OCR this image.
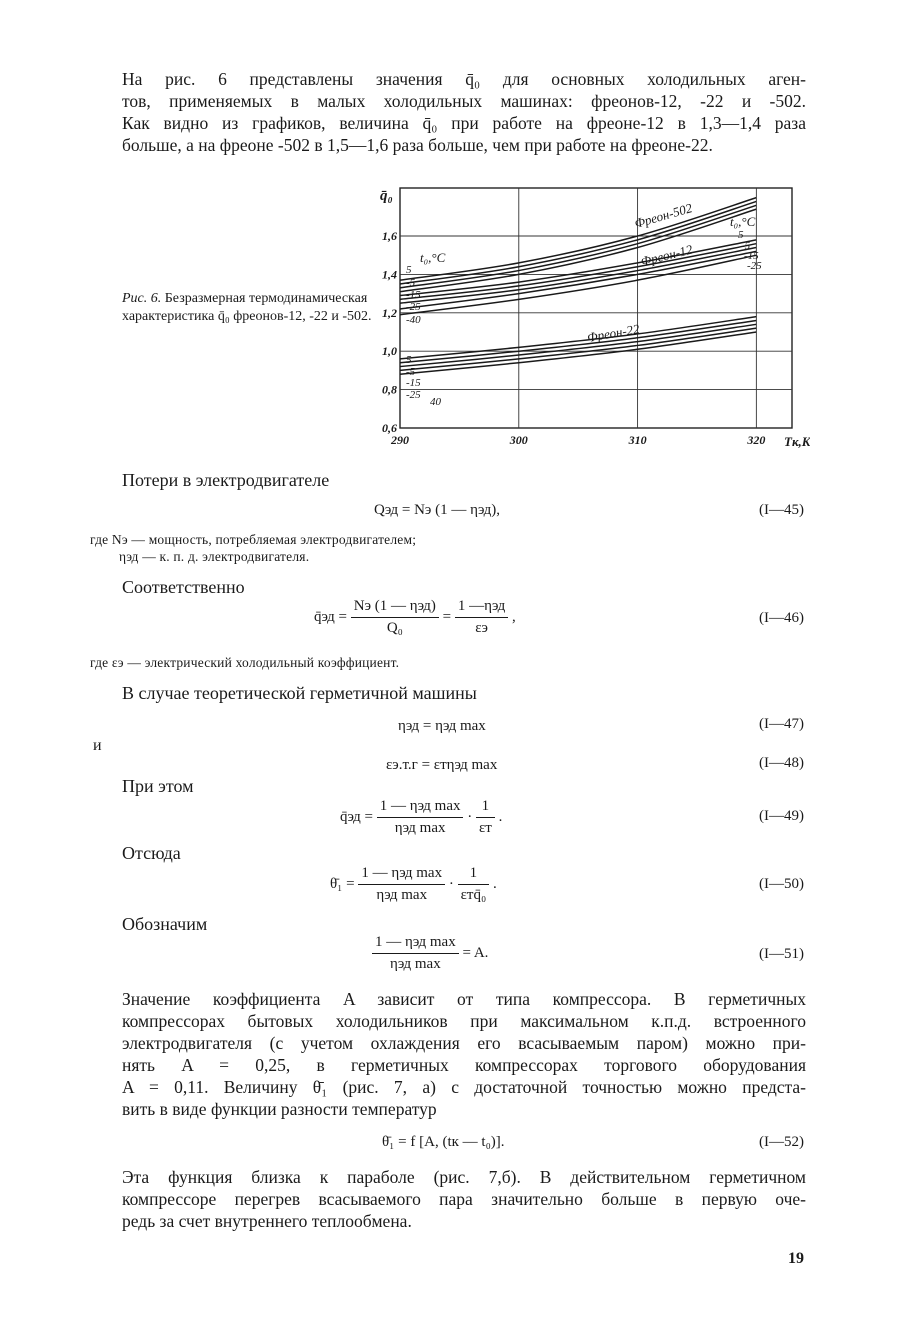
На рис. 6 представлены значения q̄₀ для основных холодильных аген-
тов, применяемых в малых холодильных машинах: фреонов-12, -22 и -502.
Как видно из графиков, величина q̄₀ при работе на фреоне-12 в 1,3—1,4 раза
больше, а на фреоне -502 в 1,5—1,6 раза больше, чем при работе на фреоне-22.
Рис. 6. Безразмерная термодинамическая характеристика q̄₀ фреонов-12, -22 и -502.
0,6
0,8
1,0
1,2
1,4
1,6
290	300	310	320
q̄₀
Tк,K
t₀,°C
t₀,°C
5
-5
-15
-25
-40
5
-5
-15
-25
40
5
-5
-15
-25
Фреон-502
Фреон-12
Фреон-22
Потери в электродвигателе
Qэд = Nэ (1 — ηэд),	(I—45)
где Nэ — мощность, потребляемая электродвигателем;
ηэд — к. п. д. электродвигателя.
Соответственно
q̄эд = $\frac{\text{Nэ (1 — ηэд)}}{\text{Q₀}} = \frac{\text{1 —ηэд}}{\varepsilon э}$ ,	(I—46)
где εэ — электрический холодильный коэффициент.
В случае теоретической герметичной машины
ηэд = ηэд max	(I—47)
и
εэ.т.г = εтηэд max	(I—48)
При этом
q̄эд = $\frac{\text{1 — ηэд max}}{\text{ηэд max}} \cdot \frac{1}{\varepsilon т}$ .	(I—49)
Отсюда
θ̄₁ = $\frac{\text{1 — ηэд max}}{\text{ηэд max}} \cdot \frac{1}{\text{εтq̄₀}}$ .	(I—50)
Обозначим
$\frac{\text{1 — ηэд max}}{\text{ηэд max}} = A$.	(I—51)
Значение коэффициента A зависит от типа компрессора. В герметичных
компрессорах бытовых холодильников при максимальном к.п.д. встроенного
электродвигателя (с учетом охлаждения его всасываемым паром) можно при-
нять A = 0,25, в герметичных компрессорах торгового оборудования
A = 0,11. Величину θ̄₁ (рис. 7, а) с достаточной точностью можно предста-
вить в виде функции разности температур
θ̄₁ = f [A, (tк — t₀)].	(I—52)
Эта функция близка к параболе (рис. 7,б). В действительном герметичном
компрессоре перегрев всасываемого пара значительно больше в первую оче-
редь за счет внутреннего теплообмена.
19
